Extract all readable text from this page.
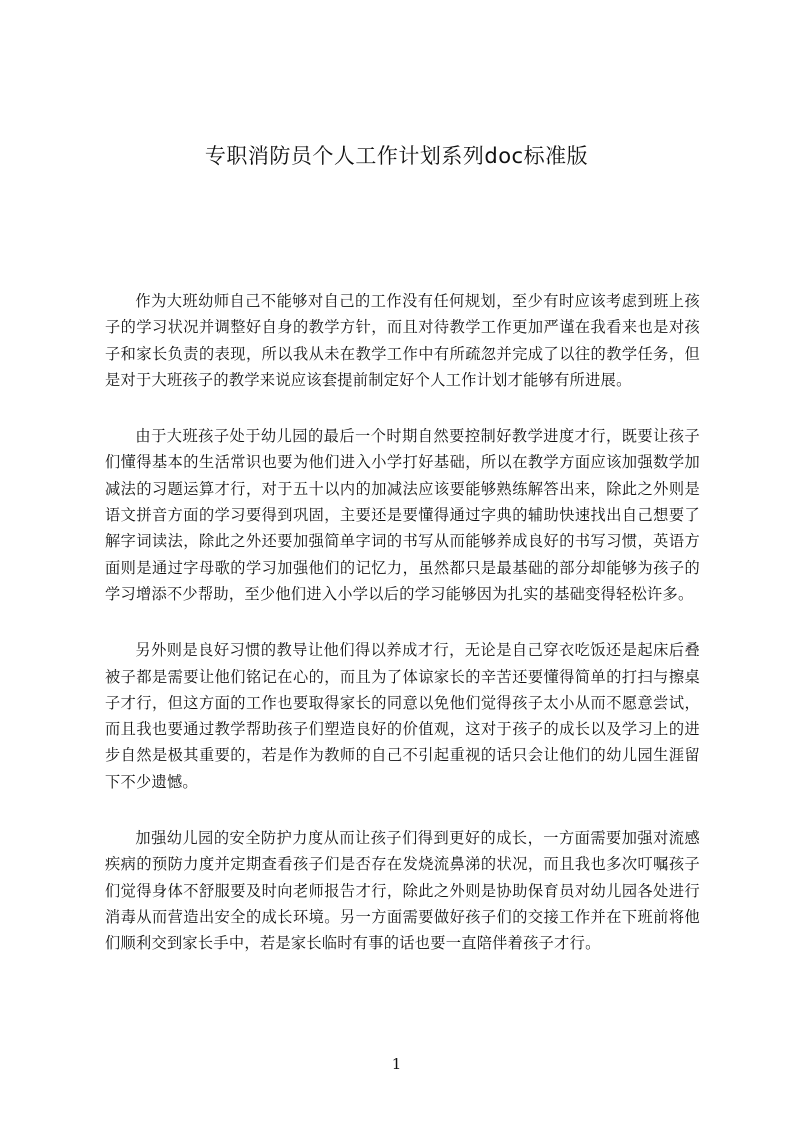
专职消防员个人工作计划系列doc标准版

作为大班幼师自己不能够对自己的工作没有任何规划，至少有时应该考虑到班上孩子的学习状况并调整好自身的教学方针，而且对待教学工作更加严谨在我看来也是对孩子和家长负责的表现，所以我从未在教学工作中有所疏忽并完成了以往的教学任务，但是对于大班孩子的教学来说应该套提前制定好个人工作计划才能够有所进展。

由于大班孩子处于幼儿园的最后一个时期自然要控制好教学进度才行，既要让孩子们懂得基本的生活常识也要为他们进入小学打好基础，所以在教学方面应该加强数学加减法的习题运算才行，对于五十以内的加减法应该要能够熟练解答出来，除此之外则是语文拼音方面的学习要得到巩固，主要还是要懂得通过字典的辅助快速找出自己想要了解字词读法，除此之外还要加强简单字词的书写从而能够养成良好的书写习惯，英语方面则是通过字母歌的学习加强他们的记忆力，虽然都只是最基础的部分却能够为孩子的学习增添不少帮助，至少他们进入小学以后的学习能够因为扎实的基础变得轻松许多。

另外则是良好习惯的教导让他们得以养成才行，无论是自己穿衣吃饭还是起床后叠被子都是需要让他们铭记在心的，而且为了体谅家长的辛苦还要懂得简单的打扫与擦桌子才行，但这方面的工作也要取得家长的同意以免他们觉得孩子太小从而不愿意尝试，而且我也要通过教学帮助孩子们塑造良好的价值观，这对于孩子的成长以及学习上的进步自然是极其重要的，若是作为教师的自己不引起重视的话只会让他们的幼儿园生涯留下不少遗憾。

加强幼儿园的安全防护力度从而让孩子们得到更好的成长，一方面需要加强对流感疾病的预防力度并定期查看孩子们是否存在发烧流鼻涕的状况，而且我也多次叮嘱孩子们觉得身体不舒服要及时向老师报告才行，除此之外则是协助保育员对幼儿园各处进行消毒从而营造出安全的成长环境。另一方面需要做好孩子们的交接工作并在下班前将他们顺利交到家长手中，若是家长临时有事的话也要一直陪伴着孩子才行。

1
